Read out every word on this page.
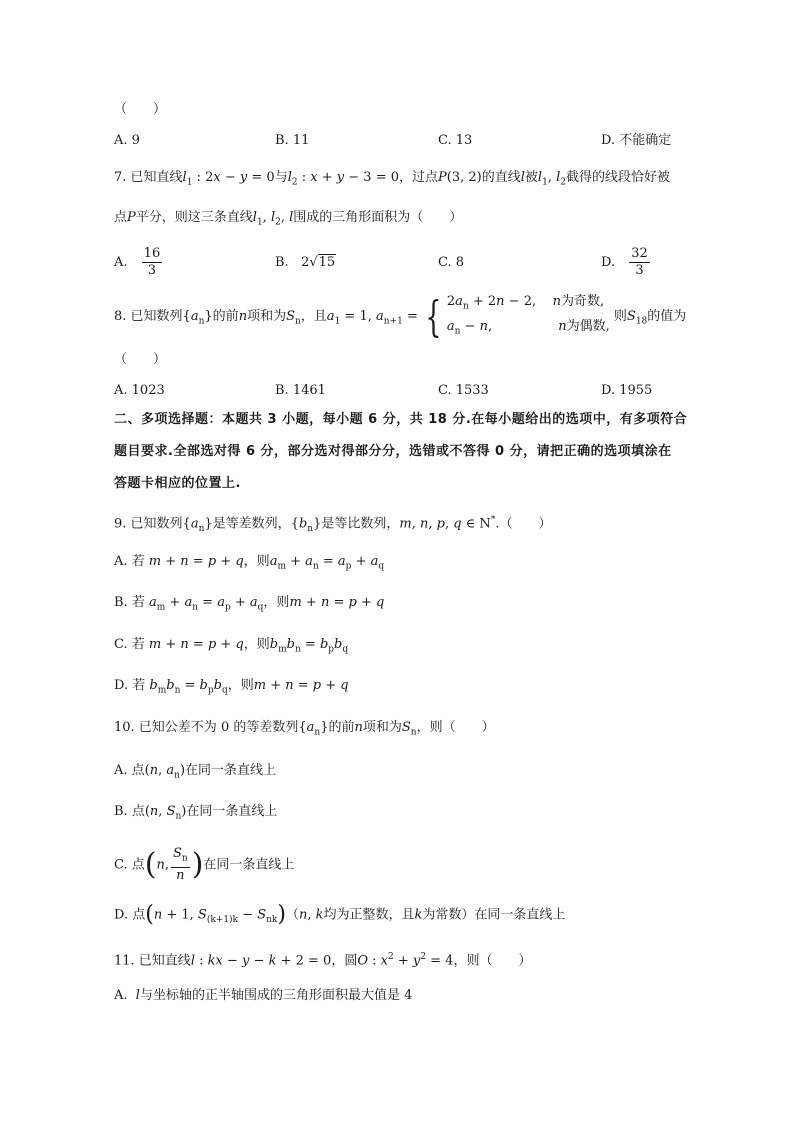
（　　）
A. 9	B. 11	C. 13	D. 不能确定
7. 已知直线$l_1$ : 2x − y = 0与$l_2$ : x + y − 3 = 0，过点P(3, 2)的直线l被$l_1$, $l_2$截得的线段恰好被
点P平分，则这三条直线$l_1$, $l_2$, l围成的三角形面积为（　　）
A. $\frac{16}{3}$	B.   2√15	C. 8	D. $\frac{32}{3}$
8. 已知数列$\{a_n\}$的前n项和为$S_n$，且$a_1 = 1$, $a_{n+1}$ = { $2a_n + 2n - 2$,    n为奇数,
$a_n - n$,                n为偶数,
则$S_{18}$的值为
（　　）
A. 1023	B. 1461	C. 1533	D. 1955
二、多项选择题：本题共 3 小题，每小题 6 分，共 18 分.在每小题给出的选项中，有多项符合
题目要求.全部选对得 6 分，部分选对得部分分，选错或不答得 0 分，请把正确的选项填涂在
答题卡相应的位置上.
9. 已知数列$\{a_n\}$是等差数列，$\{b_n\}$是等比数列，m, n, p, q ∈ N*.（　　）
A. 若 m + n = p + q，则$a_m + a_n = a_p + a_q$
B. 若 $a_m + a_n = a_p + a_q$，则m + n = p + q
C. 若 m + n = p + q，则$b_mb_n = b_pb_q$
D. 若 $b_mb_n = b_pb_q$，则m + n = p + q
10. 已知公差不为 0 的等差数列$\{a_n\}$的前n项和为$S_n$，则（　　）
A. 点(n, $a_n$)在同一条直线上
B. 点(n, $S_n$)在同一条直线上
C. 点(n, $\frac{S_n}{n}$ )在同一条直线上
D. 点(n + 1, $S_{(k+1)k} - S_{nk})(n$, k均为正整数，且k为常数）在同一条直线上
11. 已知直线l : kx − y − k + 2 = 0，圆O : $x^2 + y^2 = 4$，则（　　）
A. l与坐标轴的正半轴围成的三角形面积最大值是 4
